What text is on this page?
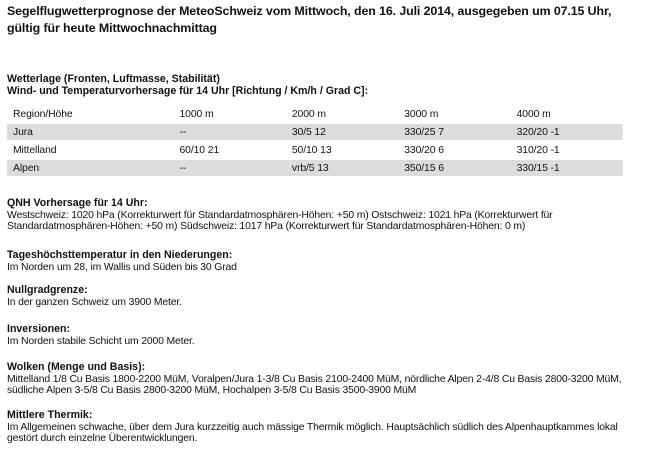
Segelflugwetterprognose der MeteoSchweiz vom Mittwoch, den 16. Juli 2014, ausgegeben um 07.15 Uhr, gültig für heute Mittwochnachmittag
Wetterlage (Fronten, Luftmasse, Stabilität)
Wind- und Temperaturvorhersage für 14 Uhr [Richtung / Km/h / Grad C]:
Region/Höhe	1000 m	2000 m	3000 m	4000 m
Jura	--	30/5 12	330/25 7	320/20 -1
Mittelland	60/10 21	50/10 13	330/20 6	310/20 -1
Alpen	--	vrb/5 13	350/15 6	330/15 -1
QNH Vorhersage für 14 Uhr:
Westschweiz: 1020 hPa (Korrekturwert für Standardatmosphären-Höhen: +50 m) Ostschweiz: 1021 hPa (Korrekturwert für Standardatmosphären-Höhen: +50 m) Südschweiz: 1017 hPa (Korrekturwert für Standardatmosphären-Höhen: 0 m)
Tageshöchsttemperatur in den Niederungen:
Im Norden um 28, im Wallis und Süden bis 30 Grad
Nullgradgrenze:
In der ganzen Schweiz um 3900 Meter.
Inversionen:
Im Norden stabile Schicht um 2000 Meter.
Wolken (Menge und Basis):
Mittelland 1/8 Cu Basis 1800-2200 MüM, Voralpen/Jura 1-3/8 Cu Basis 2100-2400 MüM, nördliche Alpen 2-4/8 Cu Basis 2800-3200 MüM, südliche Alpen 3-5/8 Cu Basis 2800-3200 MüM, Hochalpen 3-5/8 Cu Basis 3500-3900 MüM
Mittlere Thermik:
Im Allgemeinen schwache, über dem Jura kurzzeitig auch mässige Thermik möglich. Hauptsächlich südlich des Alpenhauptkammes lokal gestört durch einzelne Überentwicklungen.
